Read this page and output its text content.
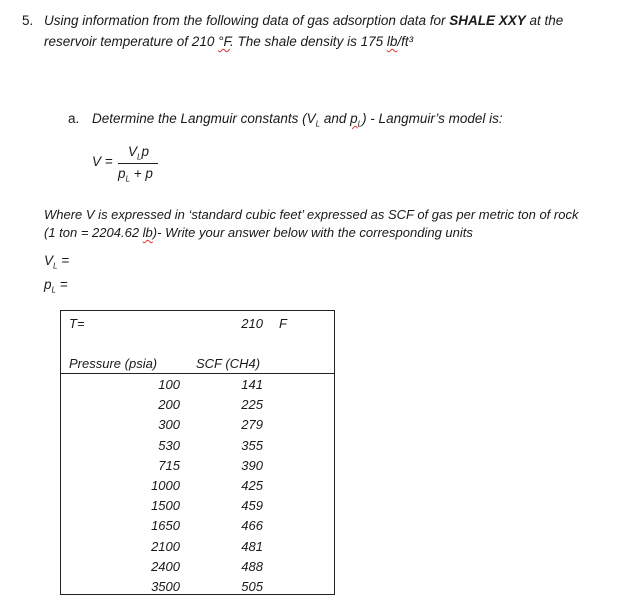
5. Using information from the following data of gas adsorption data for SHALE XXY at the
reservoir temperature of 210 °F. The shale density is 175 lb/ft³
a. Determine the Langmuir constants ($V_L$ and $p_L$) - Langmuir’s model is:
V =
$V_Lp$
$p_L + p$
Where V is expressed in ‘standard cubic feet’ expressed as SCF of gas per metric ton of rock
(1 ton = 2204.62 lb)- Write your answer below with the corresponding units
$V_L$ =
$p_L$ =
T=	210 F
Pressure (psia)	SCF (CH4)
100	141
200	225
300	279
530	355
715	390
1000	425
1500	459
1650	466
2100	481
2400	488
3500	505
